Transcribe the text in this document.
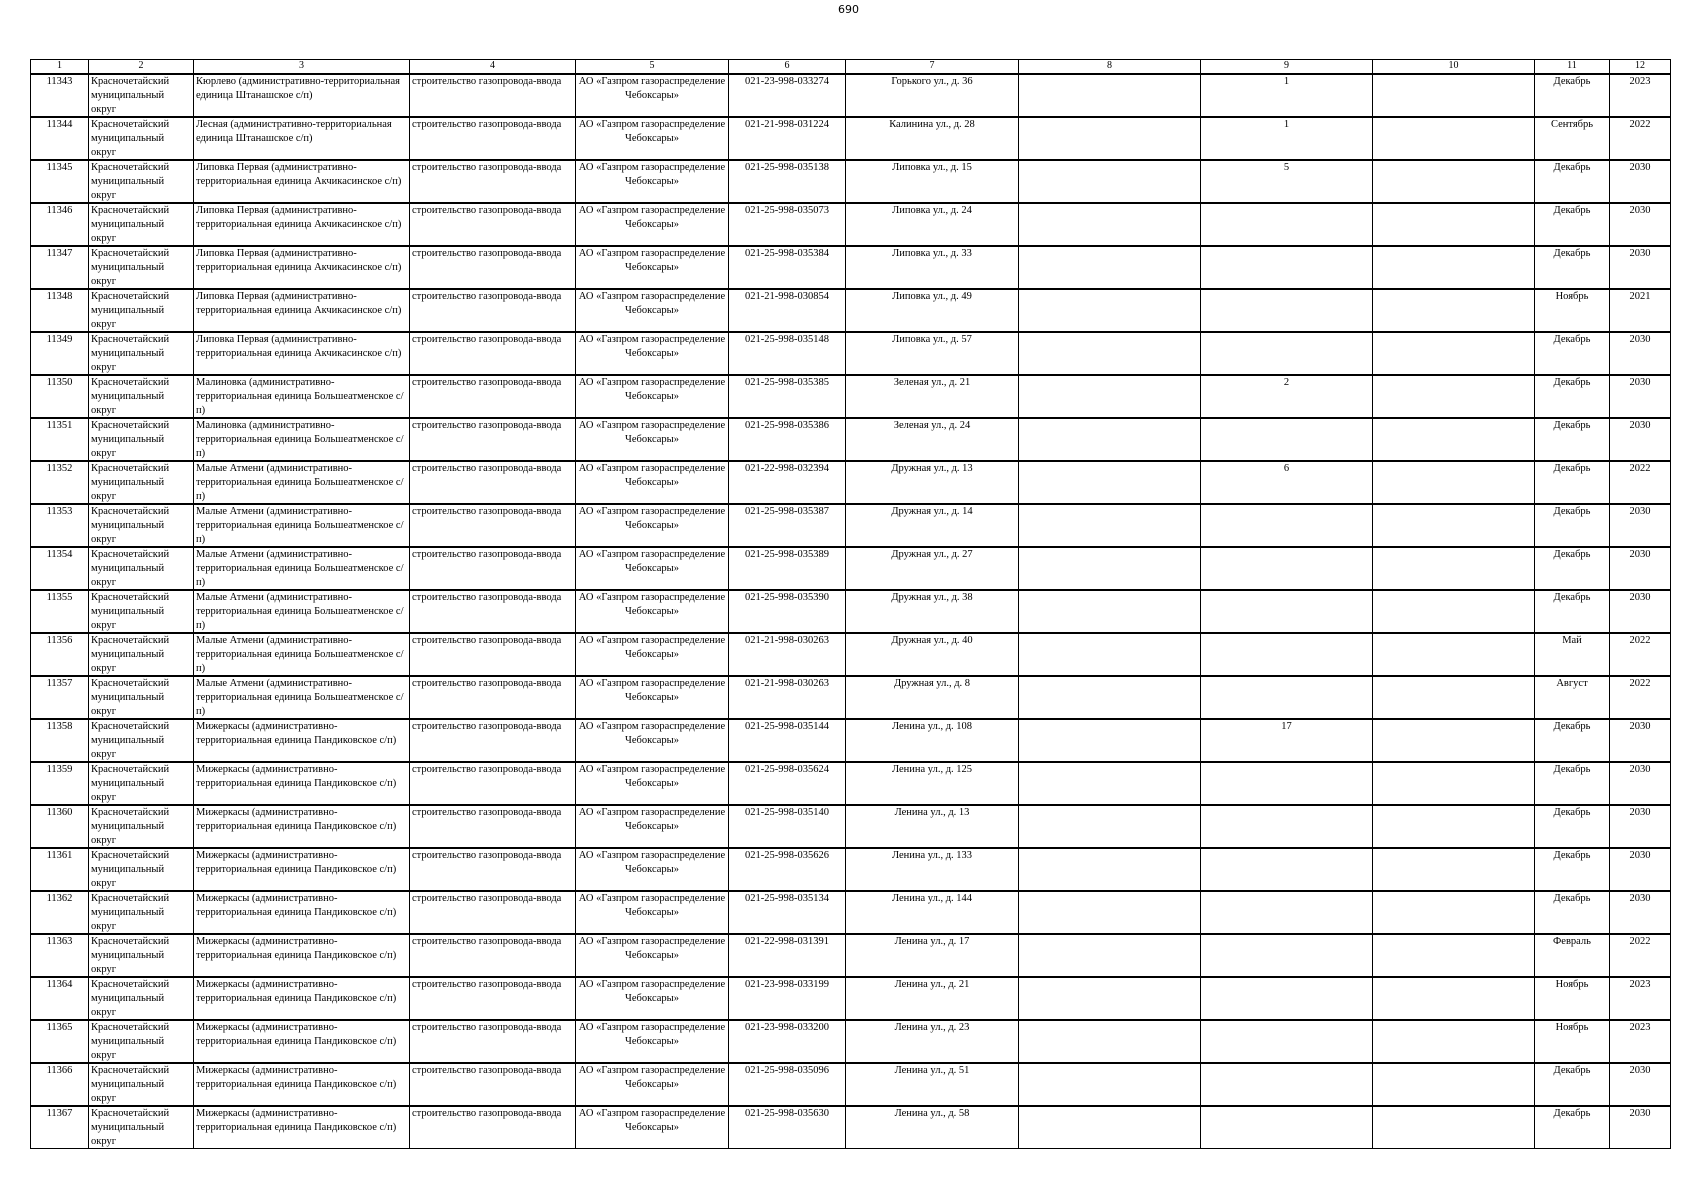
690
1	2	3	4	5	6	7	8	9	10	11	12

11343	Красночетайский муниципальный округ	Кюрлево (административно-территориальная единица Штанашское с/п)	строительство газопровода-ввода	АО «Газпром газораспределение Чебоксары»	021-23-998-033274	Горького ул., д. 36		1		Декабрь	2023

11344	Красночетайский муниципальный округ	Лесная (административно-территориальная единица Штанашское с/п)	строительство газопровода-ввода	АО «Газпром газораспределение Чебоксары»	021-21-998-031224	Калинина ул., д. 28		1		Сентябрь	2022

11345	Красночетайский муниципальный округ	Липовка Первая (административно-территориальная единица Акчикасинское с/п)	строительство газопровода-ввода	АО «Газпром газораспределение Чебоксары»	021-25-998-035138	Липовка ул., д. 15		5		Декабрь	2030

11346	Красночетайский муниципальный округ	Липовка Первая (административно-территориальная единица Акчикасинское с/п)	строительство газопровода-ввода	АО «Газпром газораспределение Чебоксары»	021-25-998-035073	Липовка ул., д. 24				Декабрь	2030

11347	Красночетайский муниципальный округ	Липовка Первая (административно-территориальная единица Акчикасинское с/п)	строительство газопровода-ввода	АО «Газпром газораспределение Чебоксары»	021-25-998-035384	Липовка ул., д. 33				Декабрь	2030

11348	Красночетайский муниципальный округ	Липовка Первая (административно-территориальная единица Акчикасинское с/п)	строительство газопровода-ввода	АО «Газпром газораспределение Чебоксары»	021-21-998-030854	Липовка ул., д. 49				Ноябрь	2021

11349	Красночетайский муниципальный округ	Липовка Первая (административно-территориальная единица Акчикасинское с/п)	строительство газопровода-ввода	АО «Газпром газораспределение Чебоксары»	021-25-998-035148	Липовка ул., д. 57				Декабрь	2030

11350	Красночетайский муниципальный округ	Малиновка (административно-территориальная единица Большеатменское с/п)	строительство газопровода-ввода	АО «Газпром газораспределение Чебоксары»	021-25-998-035385	Зеленая ул., д. 21		2		Декабрь	2030

11351	Красночетайский муниципальный округ	Малиновка (административно-территориальная единица Большеатменское с/п)	строительство газопровода-ввода	АО «Газпром газораспределение Чебоксары»	021-25-998-035386	Зеленая ул., д. 24				Декабрь	2030

11352	Красночетайский муниципальный округ	Малые Атмени (административно-территориальная единица Большеатменское с/п)	строительство газопровода-ввода	АО «Газпром газораспределение Чебоксары»	021-22-998-032394	Дружная ул., д. 13		6		Декабрь	2022

11353	Красночетайский муниципальный округ	Малые Атмени (административно-территориальная единица Большеатменское с/п)	строительство газопровода-ввода	АО «Газпром газораспределение Чебоксары»	021-25-998-035387	Дружная ул., д. 14				Декабрь	2030

11354	Красночетайский муниципальный округ	Малые Атмени (административно-территориальная единица Большеатменское с/п)	строительство газопровода-ввода	АО «Газпром газораспределение Чебоксары»	021-25-998-035389	Дружная ул., д. 27				Декабрь	2030

11355	Красночетайский муниципальный округ	Малые Атмени (административно-территориальная единица Большеатменское с/п)	строительство газопровода-ввода	АО «Газпром газораспределение Чебоксары»	021-25-998-035390	Дружная ул., д. 38				Декабрь	2030

11356	Красночетайский муниципальный округ	Малые Атмени (административно-территориальная единица Большеатменское с/п)	строительство газопровода-ввода	АО «Газпром газораспределение Чебоксары»	021-21-998-030263	Дружная ул., д. 40				Май	2022

11357	Красночетайский муниципальный округ	Малые Атмени (административно-территориальная единица Большеатменское с/п)	строительство газопровода-ввода	АО «Газпром газораспределение Чебоксары»	021-21-998-030263	Дружная ул., д. 8				Август	2022

11358	Красночетайский муниципальный округ	Мижеркасы (административно-территориальная единица Пандиковское с/п)	строительство газопровода-ввода	АО «Газпром газораспределение Чебоксары»	021-25-998-035144	Ленина ул., д. 108		17		Декабрь	2030

11359	Красночетайский муниципальный округ	Мижеркасы (административно-территориальная единица Пандиковское с/п)	строительство газопровода-ввода	АО «Газпром газораспределение Чебоксары»	021-25-998-035624	Ленина ул., д. 125				Декабрь	2030

11360	Красночетайский муниципальный округ	Мижеркасы (административно-территориальная единица Пандиковское с/п)	строительство газопровода-ввода	АО «Газпром газораспределение Чебоксары»	021-25-998-035140	Ленина ул., д. 13				Декабрь	2030

11361	Красночетайский муниципальный округ	Мижеркасы (административно-территориальная единица Пандиковское с/п)	строительство газопровода-ввода	АО «Газпром газораспределение Чебоксары»	021-25-998-035626	Ленина ул., д. 133				Декабрь	2030

11362	Красночетайский муниципальный округ	Мижеркасы (административно-территориальная единица Пандиковское с/п)	строительство газопровода-ввода	АО «Газпром газораспределение Чебоксары»	021-25-998-035134	Ленина ул., д. 144				Декабрь	2030

11363	Красночетайский муниципальный округ	Мижеркасы (административно-территориальная единица Пандиковское с/п)	строительство газопровода-ввода	АО «Газпром газораспределение Чебоксары»	021-22-998-031391	Ленина ул., д. 17				Февраль	2022

11364	Красночетайский муниципальный округ	Мижеркасы (административно-территориальная единица Пандиковское с/п)	строительство газопровода-ввода	АО «Газпром газораспределение Чебоксары»	021-23-998-033199	Ленина ул., д. 21				Ноябрь	2023

11365	Красночетайский муниципальный округ	Мижеркасы (административно-территориальная единица Пандиковское с/п)	строительство газопровода-ввода	АО «Газпром газораспределение Чебоксары»	021-23-998-033200	Ленина ул., д. 23				Ноябрь	2023

11366	Красночетайский муниципальный округ	Мижеркасы (административно-территориальная единица Пандиковское с/п)	строительство газопровода-ввода	АО «Газпром газораспределение Чебоксары»	021-25-998-035096	Ленина ул., д. 51				Декабрь	2030

11367	Красночетайский муниципальный округ	Мижеркасы (административно-территориальная единица Пандиковское с/п)	строительство газопровода-ввода	АО «Газпром газораспределение Чебоксары»	021-25-998-035630	Ленина ул., д. 58				Декабрь	2030
